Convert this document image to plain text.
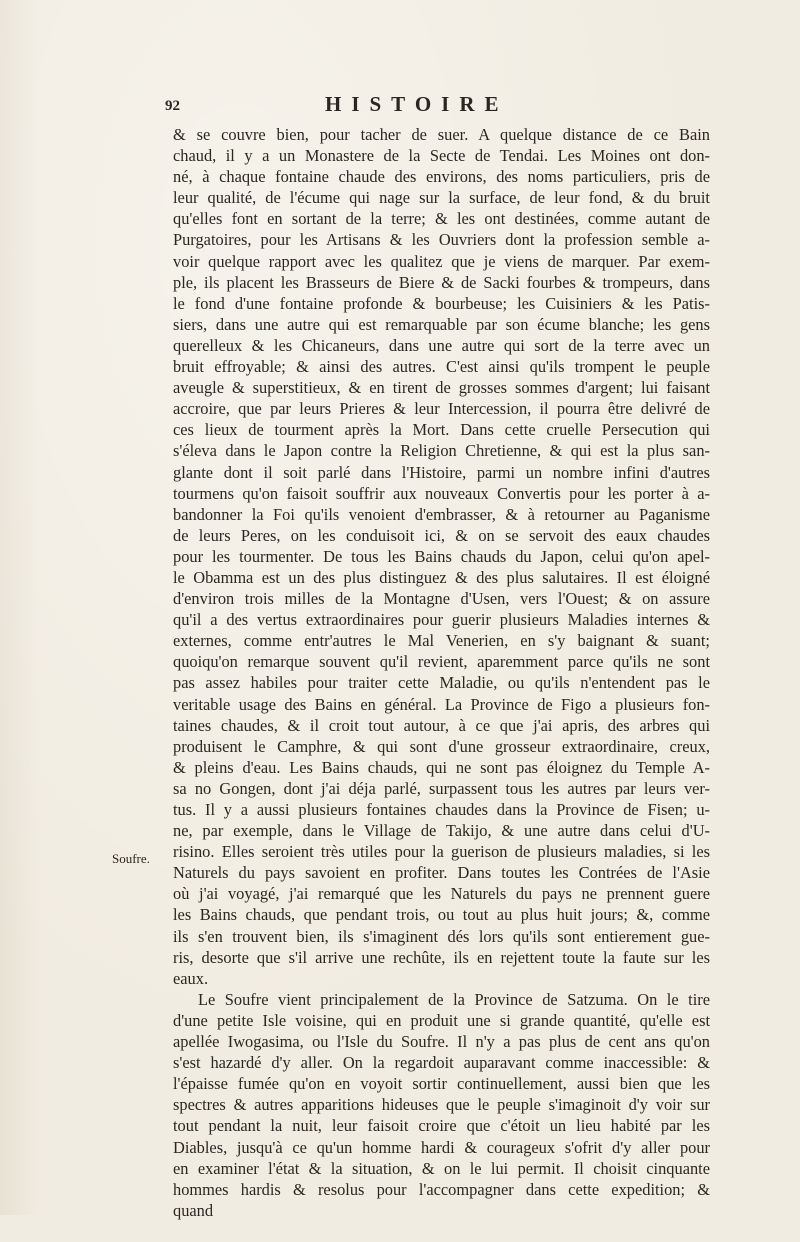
92	HISTOIRE
Soufre.
& se couvre bien, pour tacher de suer. A quelque distance de ce Bain
chaud, il y a un Monastere de la Secte de Tendai. Les Moines ont don-
né, à chaque fontaine chaude des environs, des noms particuliers, pris de
leur qualité, de l'écume qui nage sur la surface, de leur fond, & du bruit
qu'elles font en sortant de la terre; & les ont destinées, comme autant de
Purgatoires, pour les Artisans & les Ouvriers dont la profession semble a-
voir quelque rapport avec les qualitez que je viens de marquer. Par exem-
ple, ils placent les Brasseurs de Biere & de Sacki fourbes & trompeurs, dans
le fond d'une fontaine profonde & bourbeuse; les Cuisiniers & les Patis-
siers, dans une autre qui est remarquable par son écume blanche; les gens
querelleux & les Chicaneurs, dans une autre qui sort de la terre avec un
bruit effroyable; & ainsi des autres. C'est ainsi qu'ils trompent le peuple
aveugle & superstitieux, & en tirent de grosses sommes d'argent; lui faisant
accroire, que par leurs Prieres & leur Intercession, il pourra être delivré de
ces lieux de tourment après la Mort. Dans cette cruelle Persecution qui
s'éleva dans le Japon contre la Religion Chretienne, & qui est la plus san-
glante dont il soit parlé dans l'Histoire, parmi un nombre infini d'autres
tourmens qu'on faisoit souffrir aux nouveaux Convertis pour les porter à a-
bandonner la Foi qu'ils venoient d'embrasser, & à retourner au Paganisme
de leurs Peres, on les conduisoit ici, & on se servoit des eaux chaudes
pour les tourmenter. De tous les Bains chauds du Japon, celui qu'on apel-
le Obamma est un des plus distinguez & des plus salutaires. Il est éloigné
d'environ trois milles de la Montagne d'Usen, vers l'Ouest; & on assure
qu'il a des vertus extraordinaires pour guerir plusieurs Maladies internes &
externes, comme entr'autres le Mal Venerien, en s'y baignant & suant;
quoiqu'on remarque souvent qu'il revient, aparemment parce qu'ils ne sont
pas assez habiles pour traiter cette Maladie, ou qu'ils n'entendent pas le
veritable usage des Bains en général. La Province de Figo a plusieurs fon-
taines chaudes, & il croit tout autour, à ce que j'ai apris, des arbres qui
produisent le Camphre, & qui sont d'une grosseur extraordinaire, creux,
& pleins d'eau. Les Bains chauds, qui ne sont pas éloignez du Temple A-
sa no Gongen, dont j'ai déja parlé, surpassent tous les autres par leurs ver-
tus. Il y a aussi plusieurs fontaines chaudes dans la Province de Fisen; u-
ne, par exemple, dans le Village de Takijo, & une autre dans celui d'U-
risino. Elles seroient très utiles pour la guerison de plusieurs maladies, si les
Naturels du pays savoient en profiter. Dans toutes les Contrées de l'Asie
où j'ai voyagé, j'ai remarqué que les Naturels du pays ne prennent guere
les Bains chauds, que pendant trois, ou tout au plus huit jours; &, comme
ils s'en trouvent bien, ils s'imaginent dés lors qu'ils sont entierement gue-
ris, desorte que s'il arrive une rechûte, ils en rejettent toute la faute sur les
eaux.
Le Soufre vient principalement de la Province de Satzuma. On le tire
d'une petite Isle voisine, qui en produit une si grande quantité, qu'elle est
apellée Iwogasima, ou l'Isle du Soufre. Il n'y a pas plus de cent ans qu'on
s'est hazardé d'y aller. On la regardoit auparavant comme inaccessible: &
l'épaisse fumée qu'on en voyoit sortir continuellement, aussi bien que les
spectres & autres apparitions hideuses que le peuple s'imaginoit d'y voir sur
tout pendant la nuit, leur faisoit croire que c'étoit un lieu habité par les
Diables, jusqu'à ce qu'un homme hardi & courageux s'ofrit d'y aller pour
en examiner l'état & la situation, & on le lui permit. Il choisit cinquante
hommes hardis & resolus pour l'accompagner dans cette expedition; &
quand
